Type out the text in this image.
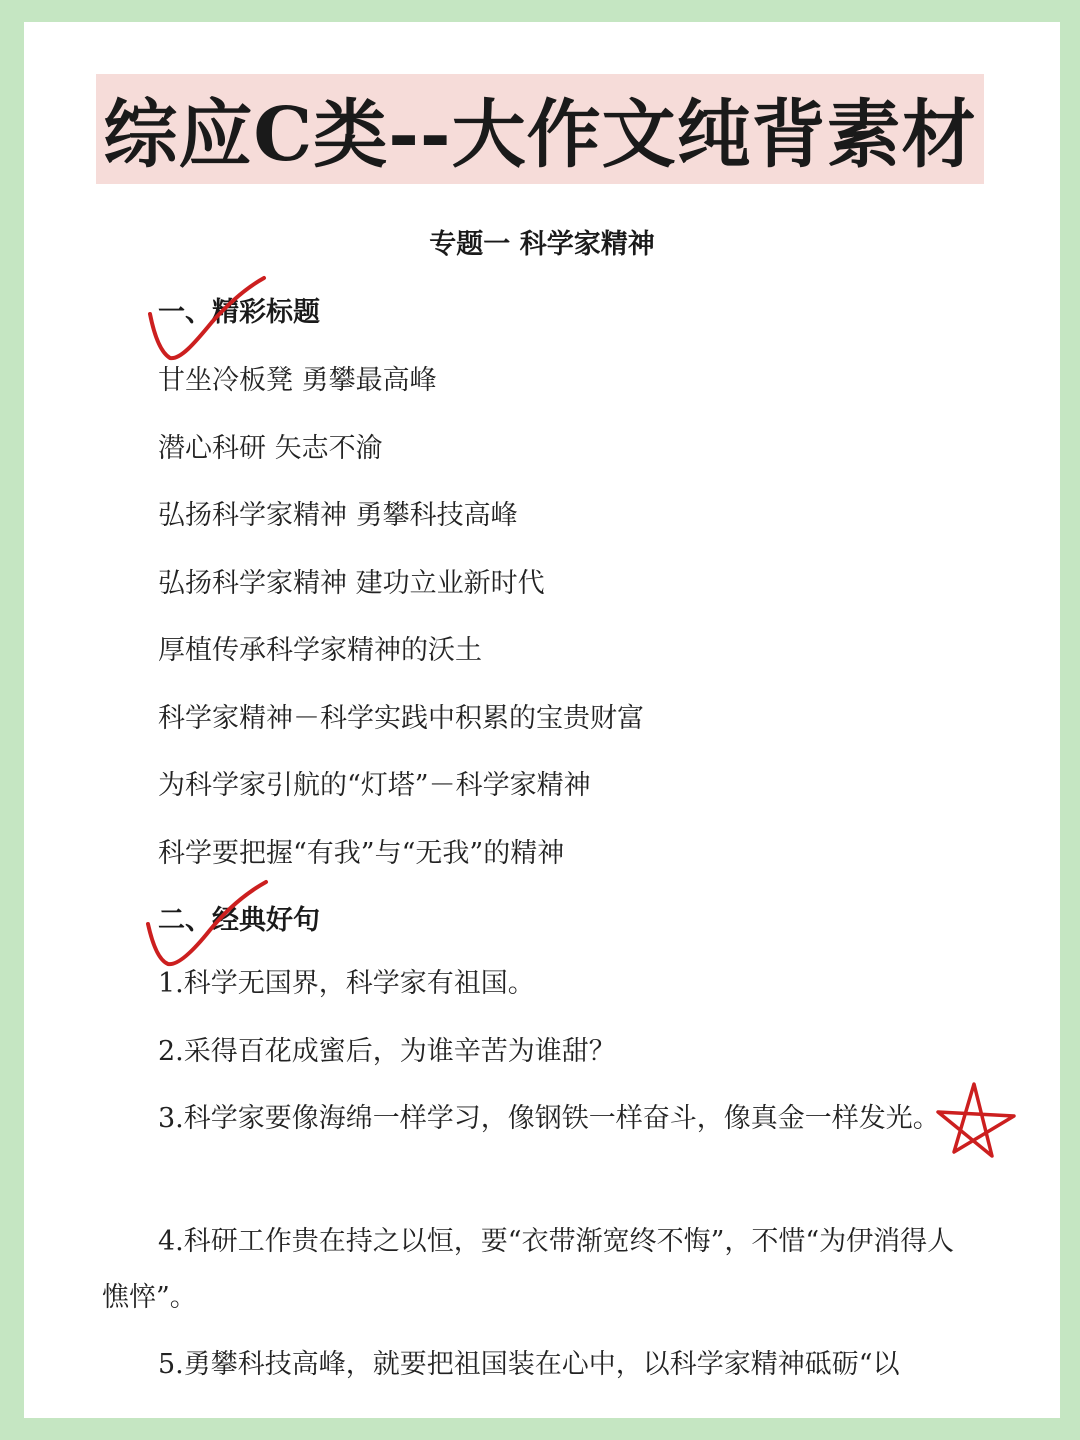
综应C类--大作文纯背素材
专题一 科学家精神
一、精彩标题
甘坐冷板凳 勇攀最高峰
潜心科研 矢志不渝
弘扬科学家精神 勇攀科技高峰
弘扬科学家精神 建功立业新时代
厚植传承科学家精神的沃土
科学家精神－科学实践中积累的宝贵财富
为科学家引航的“灯塔”－科学家精神
科学要把握“有我”与“无我”的精神
二、经典好句
1.科学无国界，科学家有祖国。
2.采得百花成蜜后，为谁辛苦为谁甜？
3.科学家要像海绵一样学习，像钢铁一样奋斗，像真金一样发光。
4.科研工作贵在持之以恒，要“衣带渐宽终不悔”，不惜“为伊消得人憔悴”。
5.勇攀科技高峰，就要把祖国装在心中，以科学家精神砥砺“以
